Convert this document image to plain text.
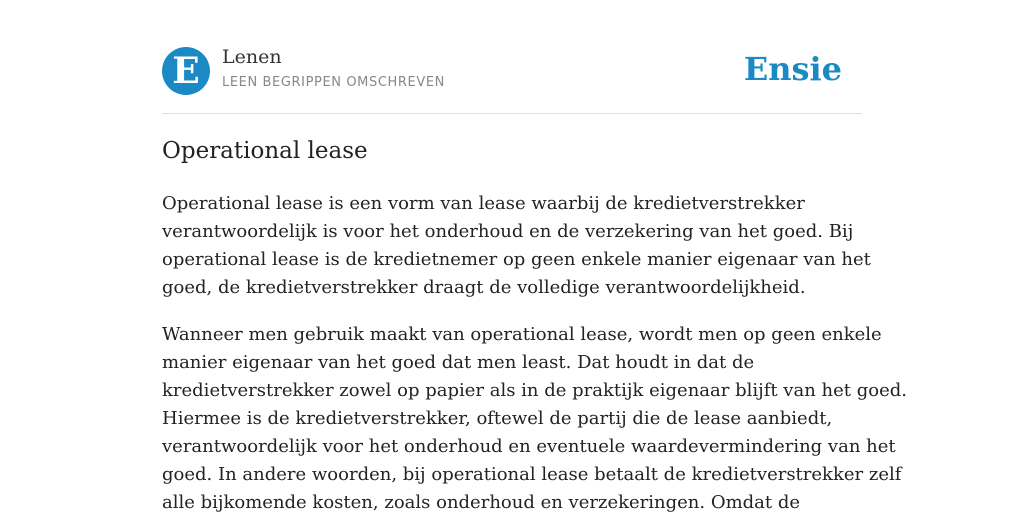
E	Lenen
LEEN BEGRIPPEN OMSCHREVEN	Ensie
Operational lease

Operational lease is een vorm van lease waarbij de kredietverstrekker
verantwoordelijk is voor het onderhoud en de verzekering van het goed. Bij
operational lease is de kredietnemer op geen enkele manier eigenaar van het
goed, de kredietverstrekker draagt de volledige verantwoordelijkheid.

Wanneer men gebruik maakt van operational lease, wordt men op geen enkele
manier eigenaar van het goed dat men least. Dat houdt in dat de
kredietverstrekker zowel op papier als in de praktijk eigenaar blijft van het goed.
Hiermee is de kredietverstrekker, oftewel de partij die de lease aanbiedt,
verantwoordelijk voor het onderhoud en eventuele waardevermindering van het
goed. In andere woorden, bij operational lease betaalt de kredietverstrekker zelf
alle bijkomende kosten, zoals onderhoud en verzekeringen. Omdat de
